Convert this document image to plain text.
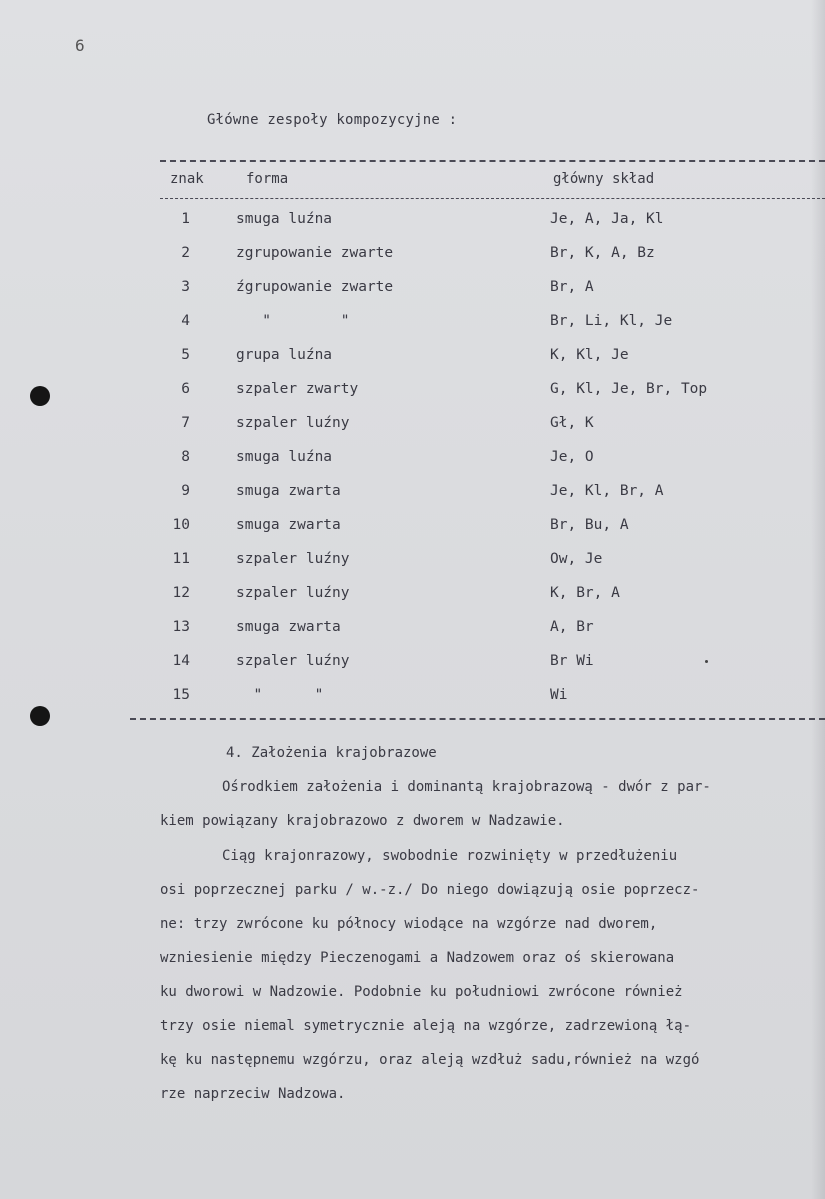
6
Główne zespoły kompozycyjne :
znak	forma	główny skład
1	smuga luźna	Je, A, Ja, Kl
2	zgrupowanie zwarte	Br, K, A, Bz
3	źgrupowanie zwarte	Br, A
4	"        "	Br, Li, Kl, Je
5	grupa luźna	K, Kl, Je
6	szpaler zwarty	G, Kl, Je, Br, Top
7	szpaler luźny	Gł, K
8	smuga luźna	Je, O
9	smuga zwarta	Je, Kl, Br, A
10	smuga zwarta	Br, Bu, A
11	szpaler luźny	Ow, Je
12	szpaler luźny	K, Br, A
13	smuga zwarta	A, Br
14	szpaler luźny	Br Wi
15	"      "	Wi
4. Założenia krajobrazowe
Ośrodkiem założenia i dominantą krajobrazową - dwór z par-
kiem powiązany krajobrazowo z dworem w Nadzawie.
Ciąg krajonrazowy, swobodnie rozwinięty w przedłużeniu
osi poprzecznej parku / w.-z./ Do niego dowiązują osie poprzecz-
ne: trzy zwrócone ku północy wiodące na wzgórze nad dworem,
wzniesienie między Pieczenogami a Nadzowem oraz oś skierowana
ku dworowi w Nadzowie. Podobnie ku południowi zwrócone również
trzy osie niemal symetrycznie aleją na wzgórze, zadrzewioną łą-
kę ku następnemu wzgórzu, oraz aleją wzdłuż sadu,również na wzgó
rze naprzeciw Nadzowa.
